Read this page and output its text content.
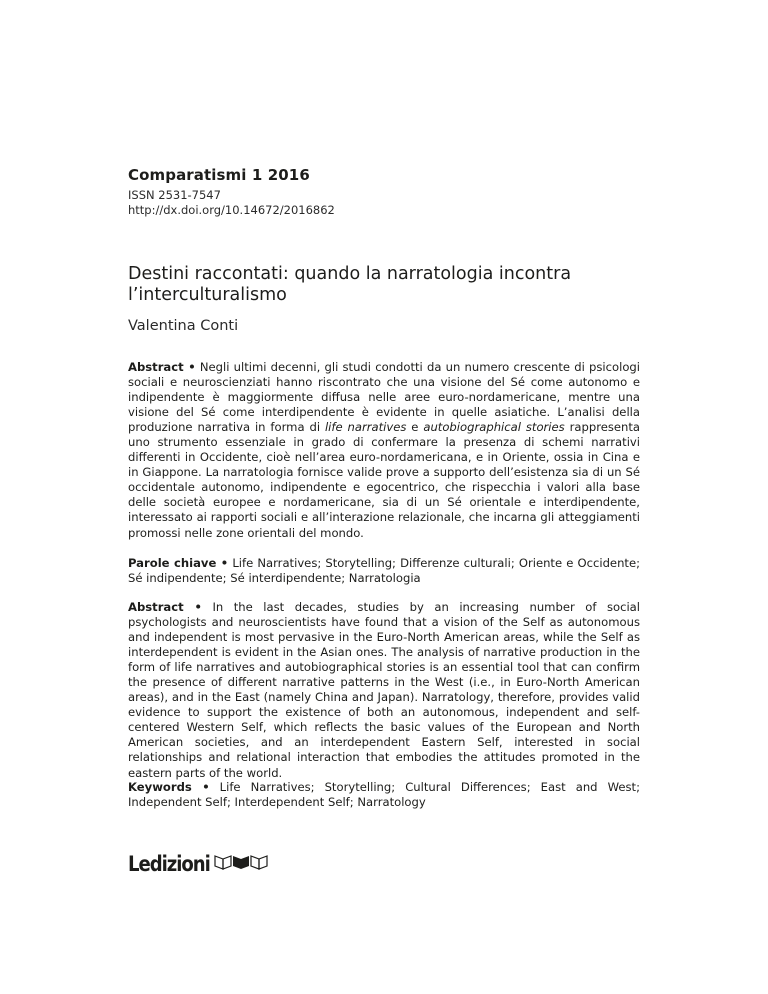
Comparatismi 1 2016
ISSN 2531-7547
http://dx.doi.org/10.14672/2016862
Destini raccontati: quando la narratologia incontra l’interculturalismo
Valentina Conti

Abstract • Negli ultimi decenni, gli studi condotti da un numero crescente di psicologi sociali e neuroscienziati hanno riscontrato che una visione del Sé come autonomo e indipendente è maggiormente diffusa nelle aree euro-nordamericane, mentre una visione del Sé come interdipendente è evidente in quelle asiatiche. L’analisi della produzione narrativa in forma di life narratives e autobiographical stories rappresenta uno strumento essenziale in grado di confermare la presenza di schemi narrativi differenti in Occidente, cioè nell’area euro-nordamericana, e in Oriente, ossia in Cina e in Giappone. La narratologia fornisce valide prove a supporto dell’esistenza sia di un Sé occidentale autonomo, indipendente e egocentrico, che rispecchia i valori alla base delle società europee e nordamericane, sia di un Sé orientale e interdipendente, interessato ai rapporti sociali e all’interazione relazionale, che incarna gli atteggiamenti promossi nelle zone orientali del mondo.

Parole chiave • Life Narratives; Storytelling; Differenze culturali; Oriente e Occidente; Sé indipendente; Sé interdipendente; Narratologia

Abstract • In the last decades, studies by an increasing number of social psychologists and neuroscientists have found that a vision of the Self as autonomous and independent is most pervasive in the Euro-North American areas, while the Self as interdependent is evident in the Asian ones. The analysis of narrative production in the form of life narratives and autobiographical stories is an essential tool that can confirm the presence of different narrative patterns in the West (i.e., in Euro-North American areas), and in the East (namely China and Japan). Narratology, therefore, provides valid evidence to support the existence of both an autonomous, independent and self-centered Western Self, which reflects the basic values of the European and North American societies, and an interdependent Eastern Self, interested in social relationships and relational interaction that embodies the attitudes promoted in the eastern parts of the world.

Keywords • Life Narratives; Storytelling; Cultural Differences; East and West; Independent Self; Interdependent Self; Narratology

Ledizioni
